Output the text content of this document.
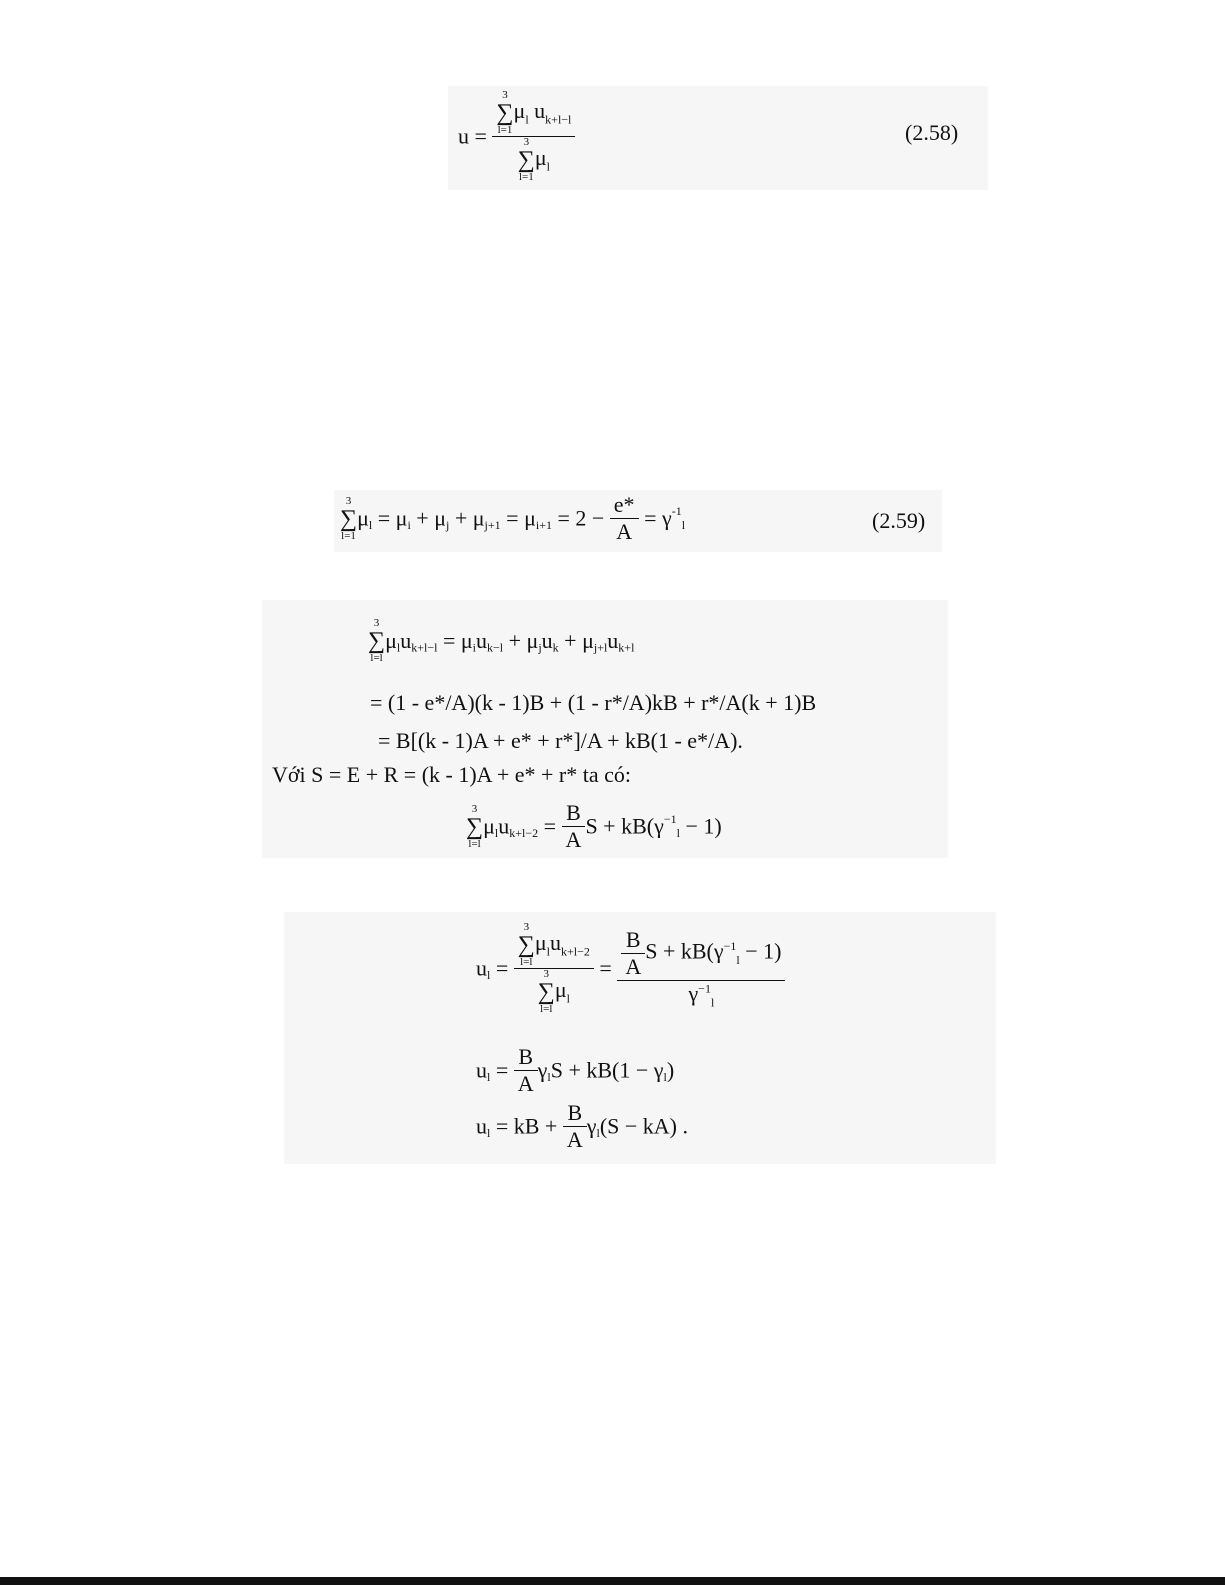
u = 3
∑
l=1
$\mu_l$ $u_{k+l-l}$
3
∑
l=1
$\mu_l$	(2.58)
3
∑
l=1
$\mu_l = \mu_i + \mu_j + \mu_{j+1} = \mu_{i+1} = 2 - \frac{e*}{A} = \gamma^{-1}_l$	(2.59)
3
∑
l=l
$\mu_lu_{k+l-l} = \mu_iu_{k-l} + \mu_ju_k + \mu_{j+l}u_{k+l}$
= (1 - e*/A)(k - 1)B + (1 - r*/A)kB + r*/A(k + 1)B
= B[(k - 1)A + e* + r*]/A + kB(1 - e*/A).
Với S = E + R = (k - 1)A + e* + r* ta có:
3
∑
l=l
$\mu_lu_{k+l-2} = \frac{B}{A}$ $S + kB(\gamma^{-1}_l - 1)$
$u_l = 3$
∑
l=l
$\mu_lu_{k+l-2}$
3
∑
l=l
$\mu_l = \frac{\frac{B}{A} S + kB(\gamma^{-1}_l - 1)}{\gamma^{-1}_l}$
$u_l = \frac{B}{A} \gamma_lS + kB(1 - \gamma_l)$
$u_l$ = kB + $\frac{B}{A} \gamma_l(S - kA)$ .
